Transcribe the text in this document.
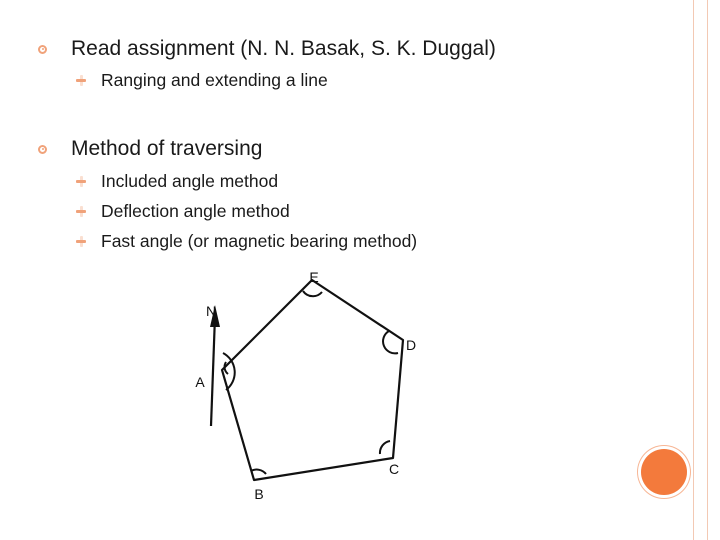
Read assignment (N. N. Basak, S. K. Duggal)
Ranging and extending a line
Method of traversing
Included angle method
Deflection angle method
Fast angle (or magnetic bearing method)
N
A
B
C
D
E
